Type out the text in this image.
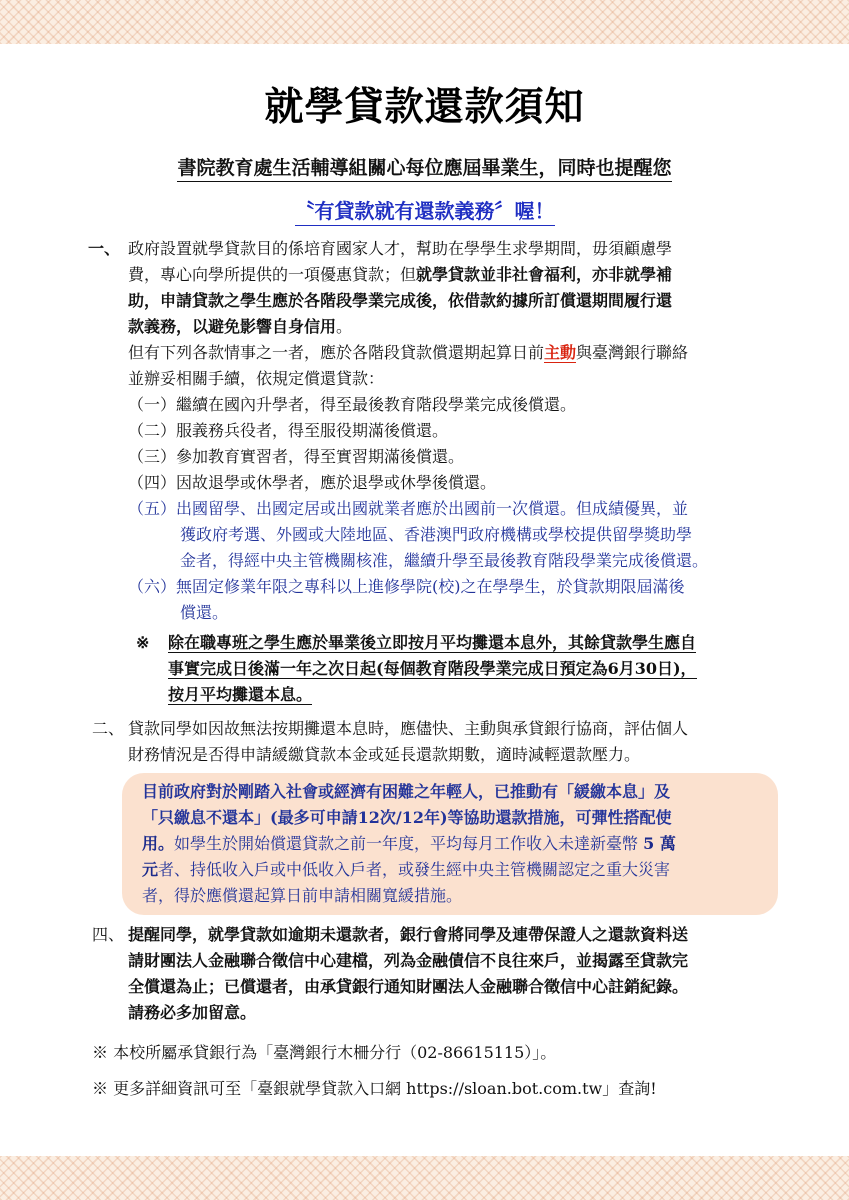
就學貸款還款須知
書院教育處生活輔導組關心每位應屆畢業生，同時也提醒您
〝有貸款就有還款義務〞喔！
一、 政府設置就學貸款目的係培育國家人才，幫助在學學生求學期間，毋須顧慮學
費，專心向學所提供的一項優惠貸款；但就學貸款並非社會福利，亦非就學補
助，申請貸款之學生應於各階段學業完成後，依借款約據所訂償還期間履行還
款義務，以避免影響自身信用。
但有下列各款情事之一者，應於各階段貸款償還期起算日前主動與臺灣銀行聯絡
並辦妥相關手續，依規定償還貸款：
（一）繼續在國內升學者，得至最後教育階段學業完成後償還。
（二）服義務兵役者，得至服役期滿後償還。
（三）參加教育實習者，得至實習期滿後償還。
（四）因故退學或休學者，應於退學或休學後償還。
（五）出國留學、出國定居或出國就業者應於出國前一次償還。但成績優異，並
獲政府考選、外國或大陸地區、香港澳門政府機構或學校提供留學獎助學
金者，得經中央主管機關核准，繼續升學至最後教育階段學業完成後償還。
（六）無固定修業年限之專科以上進修學院(校)之在學學生，於貸款期限屆滿後
償還。
※ 除在職專班之學生應於畢業後立即按月平均攤還本息外，其餘貸款學生應自
事實完成日後滿一年之次日起(每個教育階段學業完成日預定為6月30日)，
按月平均攤還本息。
二、 貸款同學如因故無法按期攤還本息時，應儘快、主動與承貸銀行協商，評估個人
財務情況是否得申請緩繳貸款本金或延長還款期數，適時減輕還款壓力。
目前政府對於剛踏入社會或經濟有困難之年輕人，已推動有「緩繳本息」及
「只繳息不還本」(最多可申請12次/12年)等協助還款措施，可彈性搭配使
用。如學生於開始償還貸款之前一年度，平均每月工作收入未達新臺幣 5 萬
元者、持低收入戶或中低收入戶者，或發生經中央主管機關認定之重大災害
者，得於應償還起算日前申請相關寬緩措施。
四、 提醒同學，就學貸款如逾期未還款者，銀行會將同學及連帶保證人之還款資料送
請財團法人金融聯合徵信中心建檔，列為金融債信不良往來戶，並揭露至貸款完
全償還為止；已償還者，由承貸銀行通知財團法人金融聯合徵信中心註銷紀錄。
請務必多加留意。
※ 本校所屬承貸銀行為「臺灣銀行木柵分行（02-86615115）」。
※ 更多詳細資訊可至「臺銀就學貸款入口網 https://sloan.bot.com.tw」查詢!
